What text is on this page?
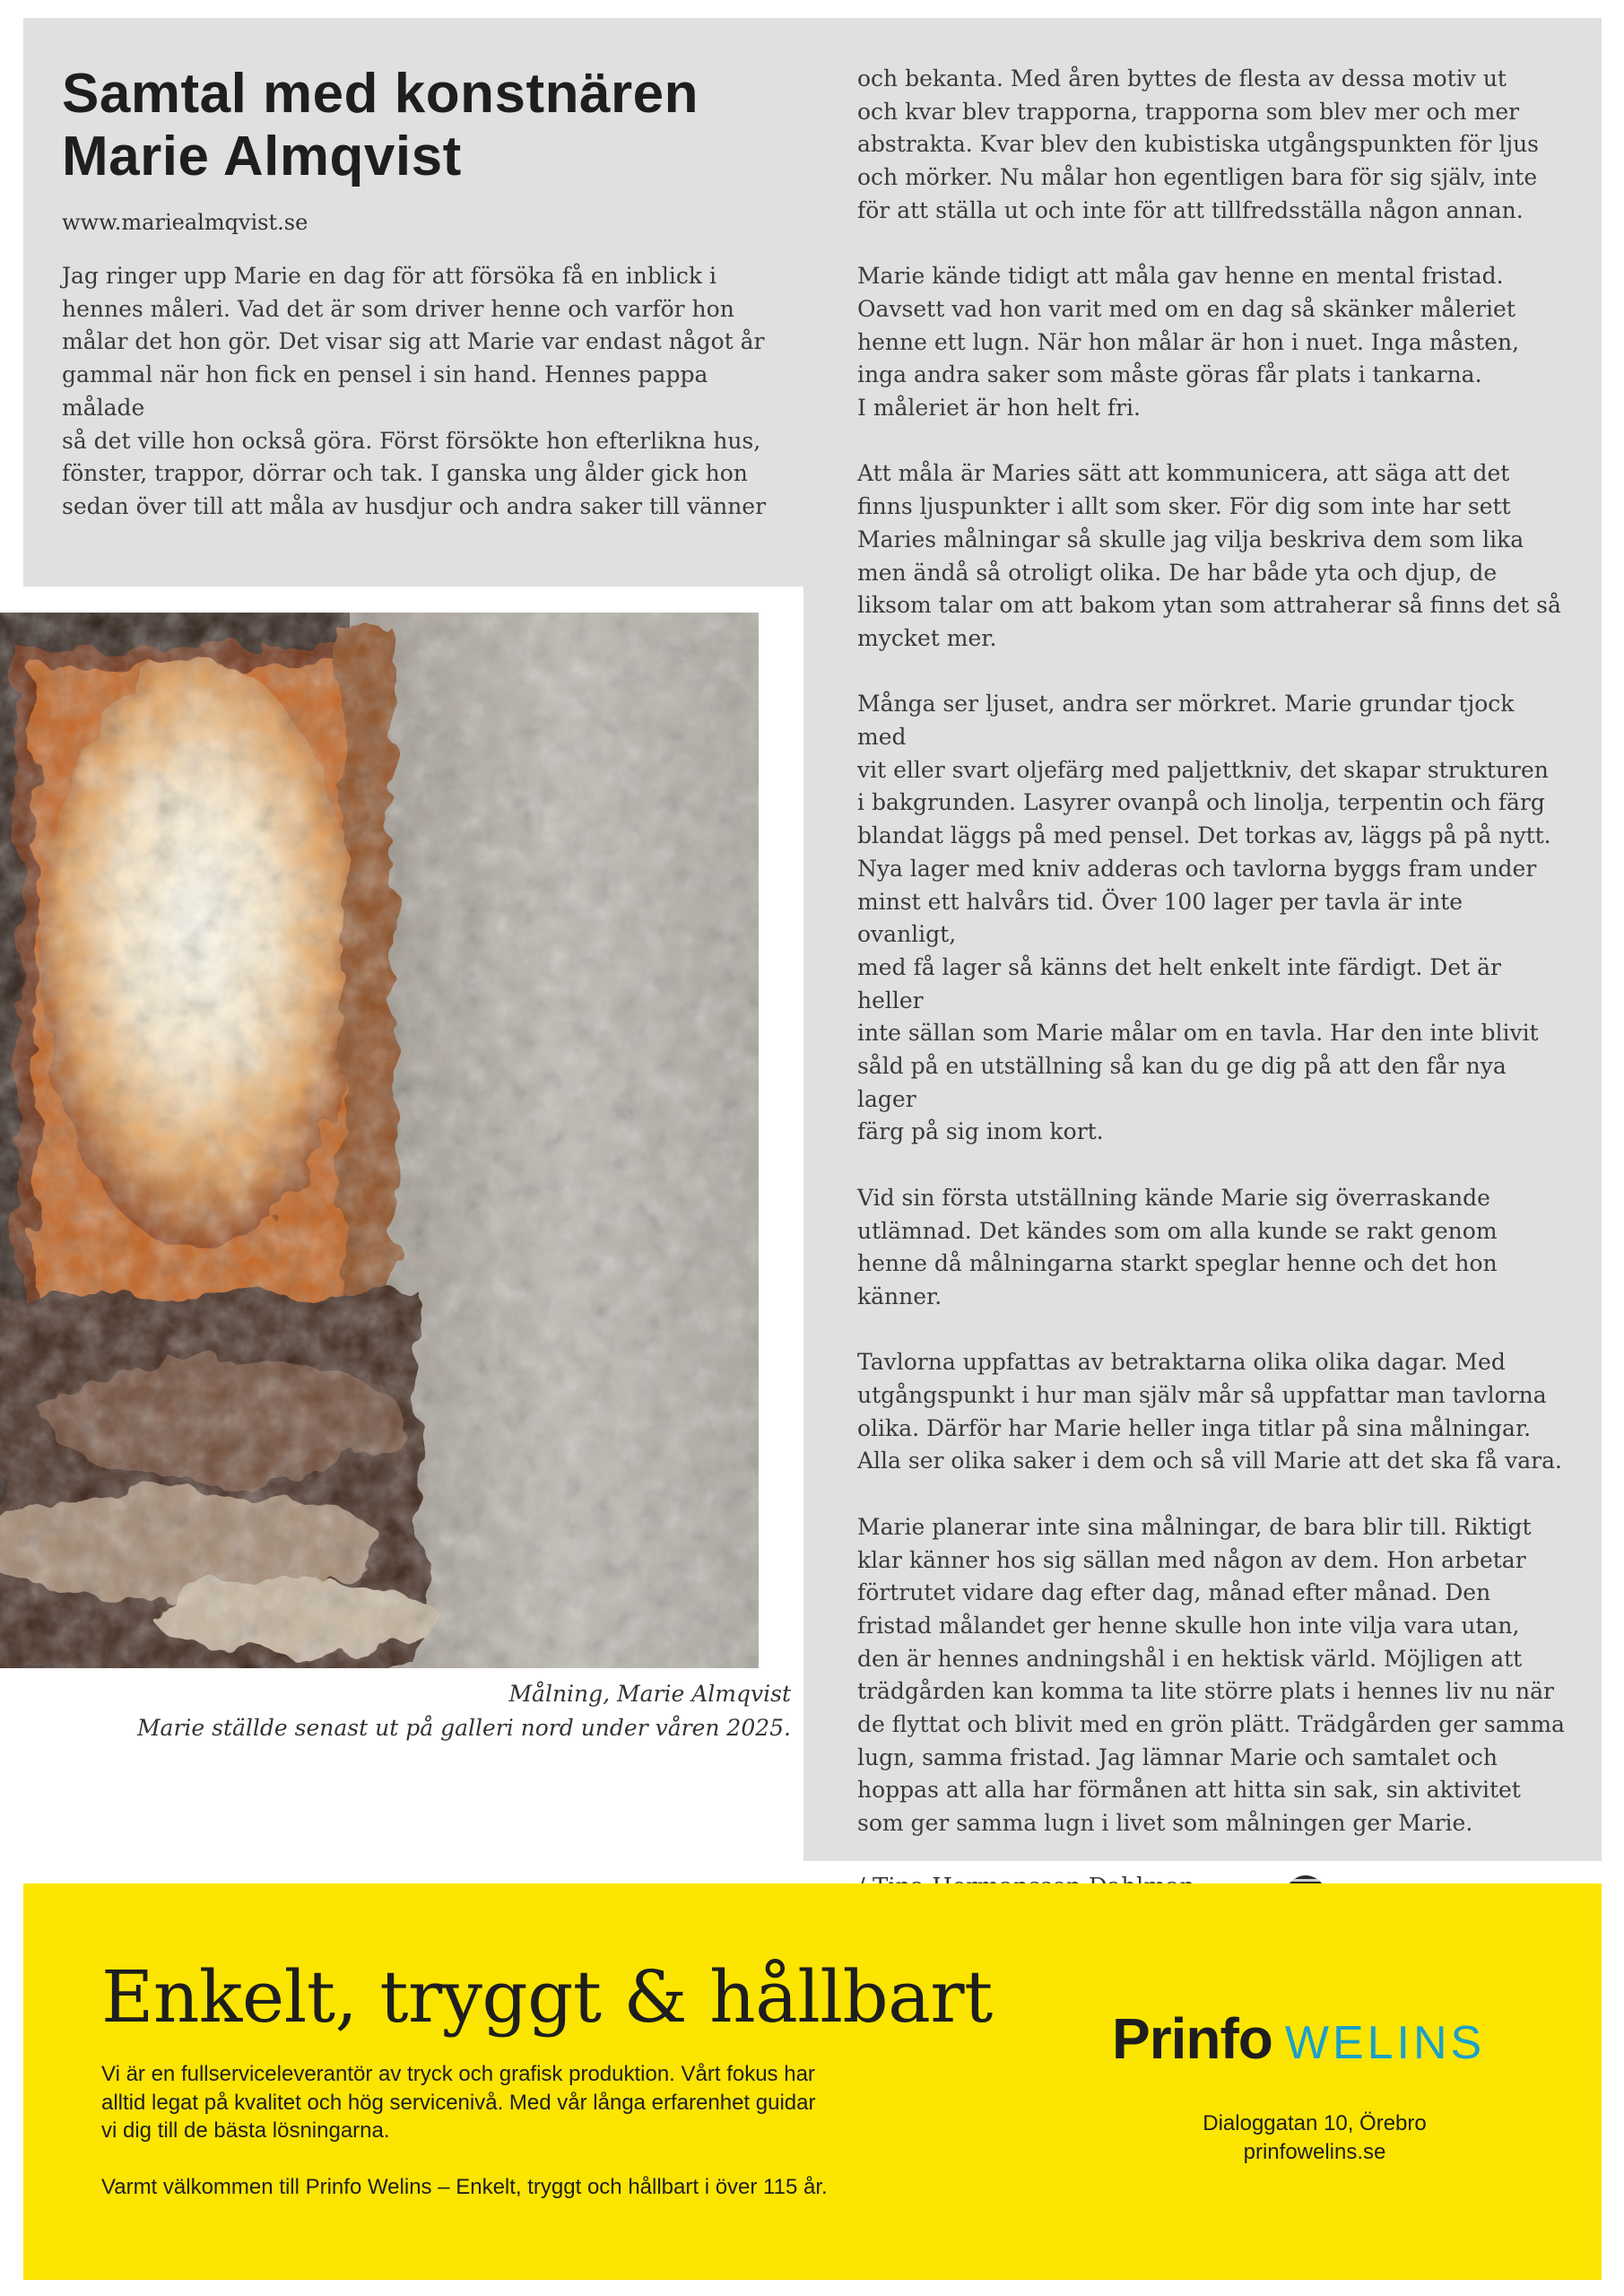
Samtal med konstnären
Marie Almqvist
www.mariealmqvist.se
Jag ringer upp Marie en dag för att försöka få en inblick i
hennes måleri. Vad det är som driver henne och varför hon
målar det hon gör. Det visar sig att Marie var endast något år
gammal när hon fick en pensel i sin hand. Hennes pappa målade
så det ville hon också göra. Först försökte hon efterlikna hus,
fönster, trappor, dörrar och tak. I ganska ung ålder gick hon
sedan över till att måla av husdjur och andra saker till vänner

och bekanta. Med åren byttes de flesta av dessa motiv ut
och kvar blev trapporna, trapporna som blev mer och mer
abstrakta. Kvar blev den kubistiska utgångspunkten för ljus
och mörker. Nu målar hon egentligen bara för sig själv, inte
för att ställa ut och inte för att tillfredsställa någon annan.

Marie kände tidigt att måla gav henne en mental fristad.
Oavsett vad hon varit med om en dag så skänker måleriet
henne ett lugn. När hon målar är hon i nuet. Inga måsten,
inga andra saker som måste göras får plats i tankarna.
I måleriet är hon helt fri.

Att måla är Maries sätt att kommunicera, att säga att det
finns ljuspunkter i allt som sker. För dig som inte har sett
Maries målningar så skulle jag vilja beskriva dem som lika
men ändå så otroligt olika. De har både yta och djup, de
liksom talar om att bakom ytan som attraherar så finns det så
mycket mer.

Många ser ljuset, andra ser mörkret. Marie grundar tjock med
vit eller svart oljefärg med paljettkniv, det skapar strukturen
i bakgrunden. Lasyrer ovanpå och linolja, terpentin och färg
blandat läggs på med pensel. Det torkas av, läggs på på nytt.
Nya lager med kniv adderas och tavlorna byggs fram under
minst ett halvårs tid. Över 100 lager per tavla är inte ovanligt,
med få lager så känns det helt enkelt inte färdigt. Det är heller
inte sällan som Marie målar om en tavla. Har den inte blivit
såld på en utställning så kan du ge dig på att den får nya lager
färg på sig inom kort.

Vid sin första utställning kände Marie sig överraskande
utlämnad. Det kändes som om alla kunde se rakt genom
henne då målningarna starkt speglar henne och det hon
känner.

Tavlorna uppfattas av betraktarna olika olika dagar. Med
utgångspunkt i hur man själv mår så uppfattar man tavlorna
olika. Därför har Marie heller inga titlar på sina målningar.
Alla ser olika saker i dem och så vill Marie att det ska få vara.

Marie planerar inte sina målningar, de bara blir till. Riktigt
klar känner hos sig sällan med någon av dem. Hon arbetar
förtrutet vidare dag efter dag, månad efter månad. Den
fristad målandet ger henne skulle hon inte vilja vara utan,
den är hennes andningshål i en hektisk värld. Möjligen att
trädgården kan komma ta lite större plats i hennes liv nu när
de flyttat och blivit med en grön plätt. Trädgården ger samma
lugn, samma fristad. Jag lämnar Marie och samtalet och
hoppas att alla har förmånen att hitta sin sak, sin aktivitet
som ger samma lugn i livet som målningen ger Marie.

Målning, Marie Almqvist
Marie ställde senast ut på galleri nord under våren 2025.
Enkelt, tryggt & hållbart

Vi är en fullserviceleverantör av tryck och grafisk produktion. Vårt fokus har
alltid legat på kvalitet och hög servicenivå. Med vår långa erfarenhet guidar
vi dig till de bästa lösningarna.

Varmt välkommen till Prinfo Welins – Enkelt, tryggt och hållbart i över 115 år.

Prinfo WELINS
Dialoggatan 10, Örebro
prinfowelins.se
